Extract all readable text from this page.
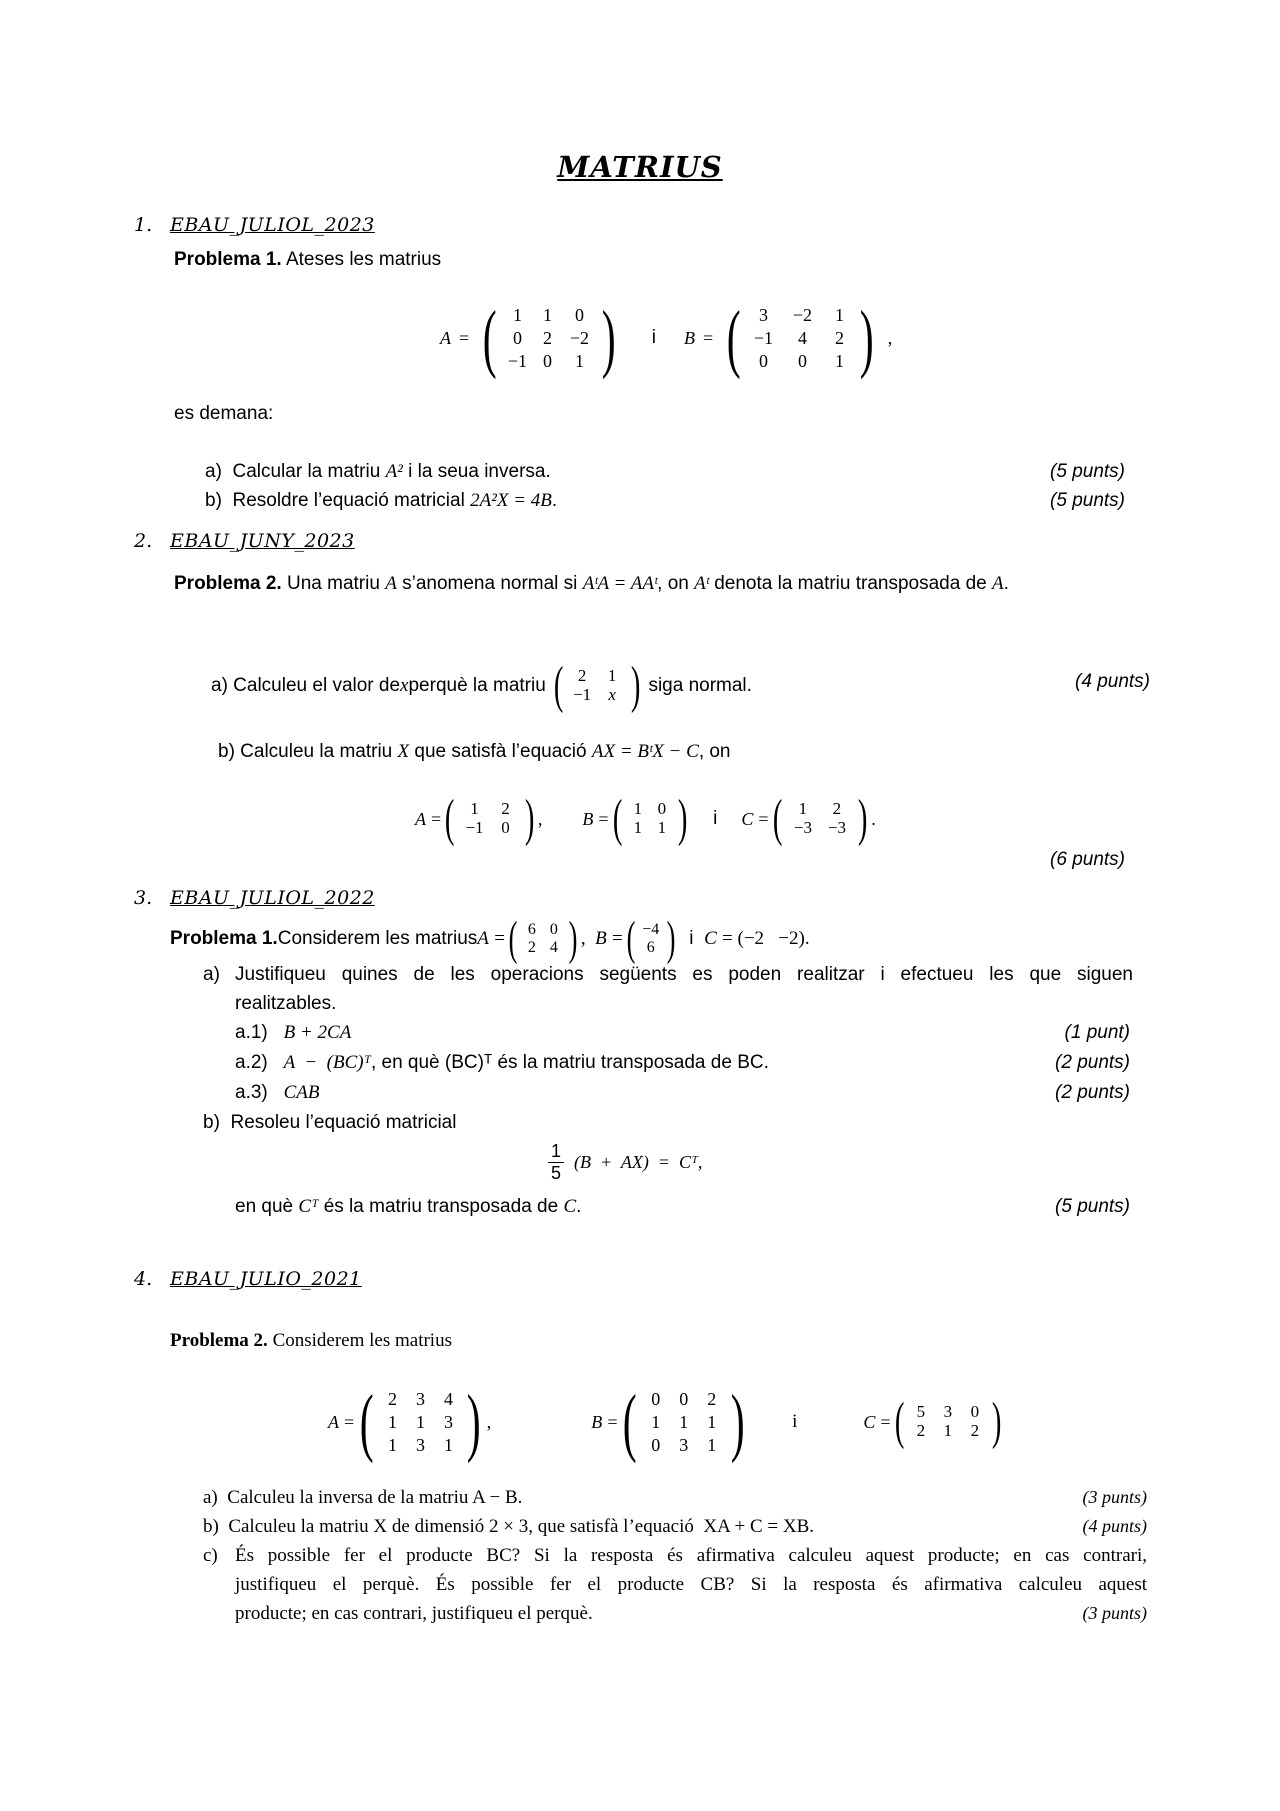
MATRIUS
1. EBAU_JULIOL_2023
Problema 1. Ateses les matrius
A = ( 1	1	0
0	2 −2
−1 0	1 ) i B = (	3	−2	1
−1	4	2
0	0	1 ) ,
es demana:
a) Calcular la matriu A² i la seua inversa.	(5 punts)
b) Resoldre l’equació matricial 2A²X = 4B.	(5 punts)
2. EBAU_JUNY_2023
Problema 2. Una matriu A s’anomena normal si AᵗA = AAᵗ, on Aᵗ denota la matriu transposada de A.
a) Calculeu el valor de x perquè la matriu ( 2	1
−1	x ) siga normal.	(4 punts)
b) Calculeu la matriu X que satisfà l’equació AX = BᵗX − C, on
A
= ( 1	2
−1	0 ) , B
= ( 1 0
1 1 ) i C
= ( 1	2
−3 −3 ) .
(6 punts)
3. EBAU_JULIOL_2022
Problema 1. Considerem les matrius A
= ( 6 0
2 4 ) , B
= ( −4
6 )
i
C
= (−2   −2) .
a) Justifiqueu quines de les operacions següents es poden realitzar i efectueu les que siguen
realitzables.
a.1) B + 2CA	(1 punt)
a.2) A  −  (BC)ᵀ, en què (BC)ᵀ és la matriu transposada de BC.	(2 punts)
a.3) CAB	(2 punts)
b) Resoleu l’equació matricial
$\frac{1}{5} (B + AX)$  =  Cᵀ,
en què Cᵀ és la matriu transposada de C.	(5 punts)
4. EBAU_JULIO_2021
Problema 2. Considerem les matrius
A
= ( 2	3	4
1	1	3
1	3	1 ) ,	B
= ( 0	0	2
1	1	1
0	3	1 )	i	C
= ( 5	3	0
2	1	2 )
a) Calculeu la inversa de la matriu A − B.	(3 punts)
b) Calculeu la matriu X de dimensió 2 × 3, que satisfà l’equació  XA + C = XB.	(4 punts)
c) És possible fer el producte BC? Si la resposta és afirmativa calculeu aquest producte; en cas contrari,
justifiqueu el perquè. És possible fer el producte CB? Si la resposta és afirmativa calculeu aquest
producte; en cas contrari, justifiqueu el perquè.	(3 punts)
